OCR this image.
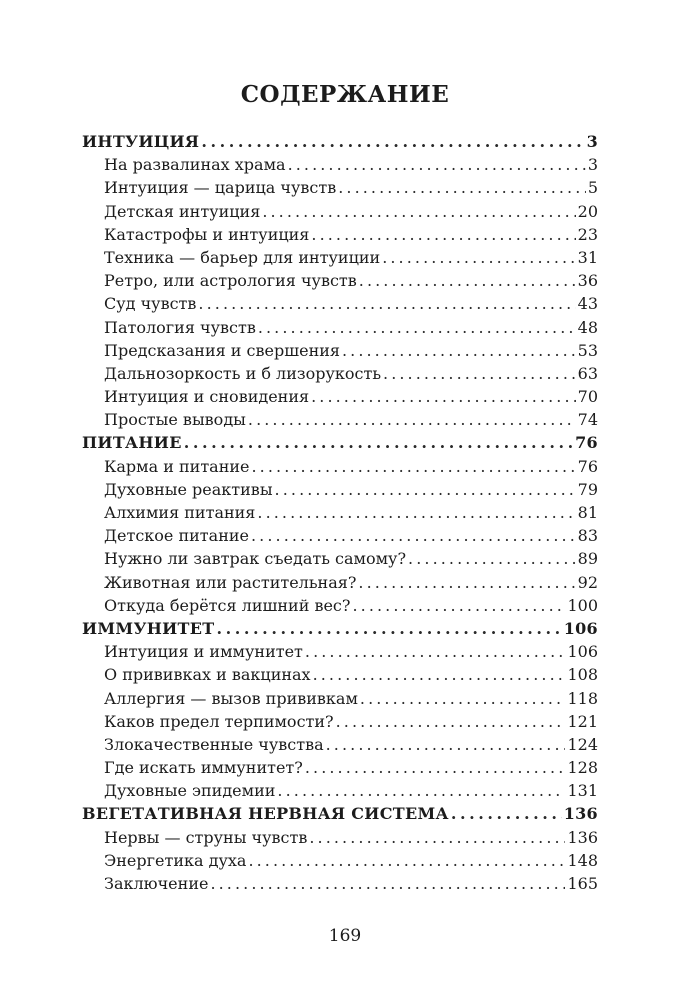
СОДЕРЖАНИЕ
ИНТУИЦИЯ . . .	3
На развалинах храма . . .	3
Интуиция — царица чувств . . .	5
Детская интуиция . . .	20
Катастрофы и интуиция . . .	23
Техника — барьер для интуиции . . .	31
Ретро, или астрология чувств . . .	36
Суд чувств . . .	43
Патология чувств . . .	48
Предсказания и свершения . . .	53
Дальнозоркость и б лизорукость . . .	63
Интуиция и сновидения . . .	70
Простые выводы . . .	74
ПИТАНИЕ . . .	76
Карма и питание . . .	76
Духовные реактивы . . .	79
Алхимия питания . . .	81
Детское питание . . .	83
Нужно ли завтрак съедать самому? . . .	89
Животная или растительная? . . .	92
Откуда берётся лишний вес? . . .	100
ИММУНИТЕТ . . .	106
Интуиция и иммунитет . . .	106
О прививках и вакцинах . . .	108
Аллергия — вызов прививкам . . .	118
Каков предел терпимости? . . .	121
Злокачественные чувства . . .	124
Где искать иммунитет? . . .	128
Духовные эпидемии . . .	131
ВЕГЕТАТИВНАЯ НЕРВНАЯ СИСТЕМА . . .	136
Нервы — струны чувств . . .	136
Энергетика духа . . .	148
Заключение . . .	165
169
